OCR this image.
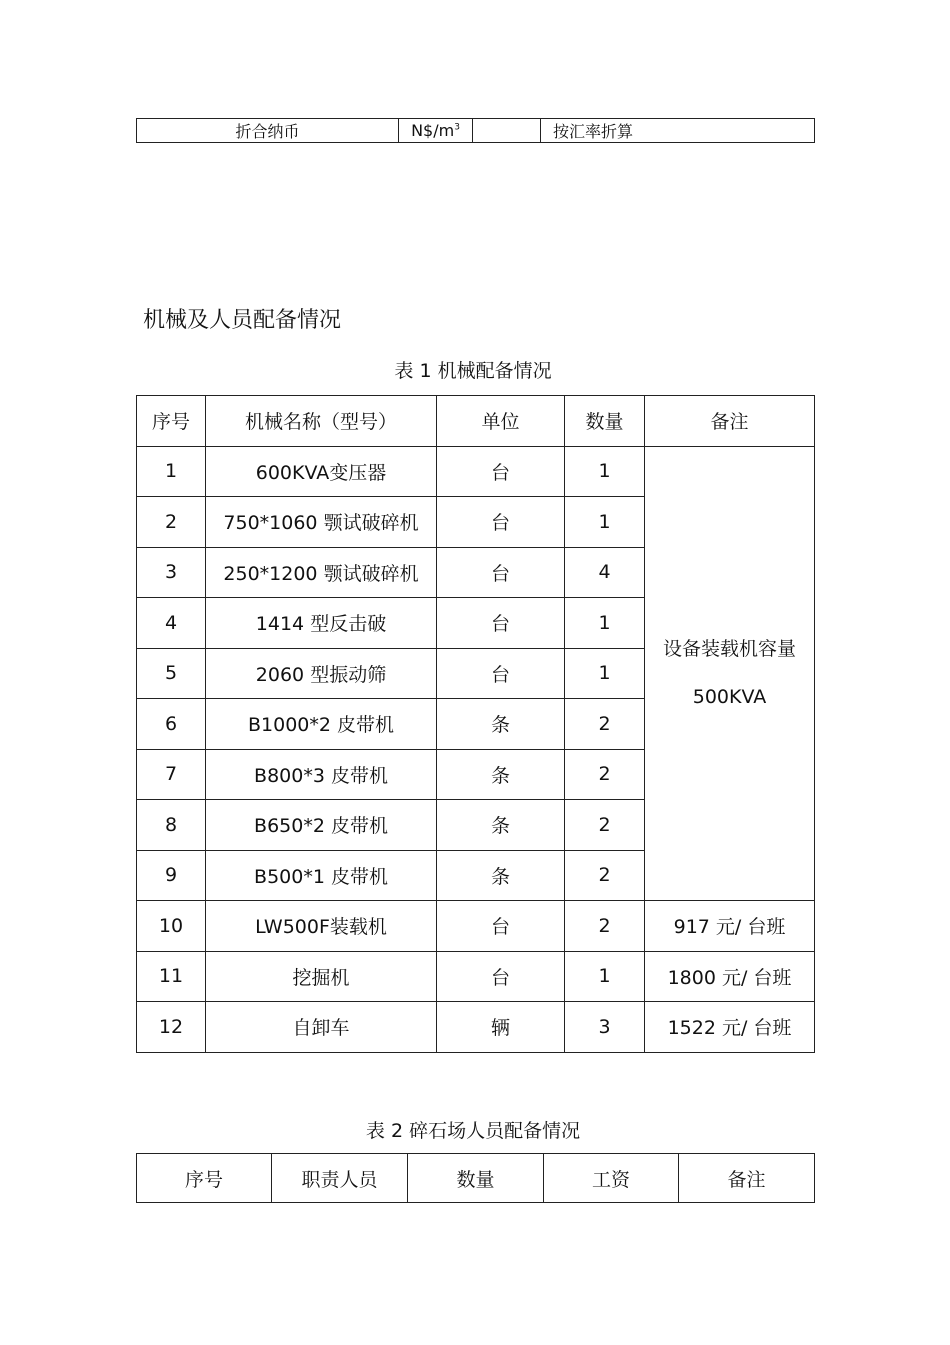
折合纳币	$N\$/m^3$		按汇率折算
机械及人员配备情况
表 1 机械配备情况
序号	机械名称（型号）	单位	数量	备注
1	600KVA变压器	台	1	设备装载机容量 500KVA
2	750*1060 颚试破碎机	台	1	
3	250*1200 颚试破碎机	台	4	
4	1414 型反击破	台	1	
5	2060 型振动筛	台	1	
6	B1000*2 皮带机	条	2	
7	B800*3 皮带机	条	2	
8	B650*2 皮带机	条	2	
9	B500*1 皮带机	条	2	
10	LW500F装载机	台	2	917 元/ 台班
11	挖掘机	台	1	1800 元/ 台班
12	自卸车	辆	3	1522 元/ 台班
表 2 碎石场人员配备情况
序号	职责人员	数量	工资	备注
